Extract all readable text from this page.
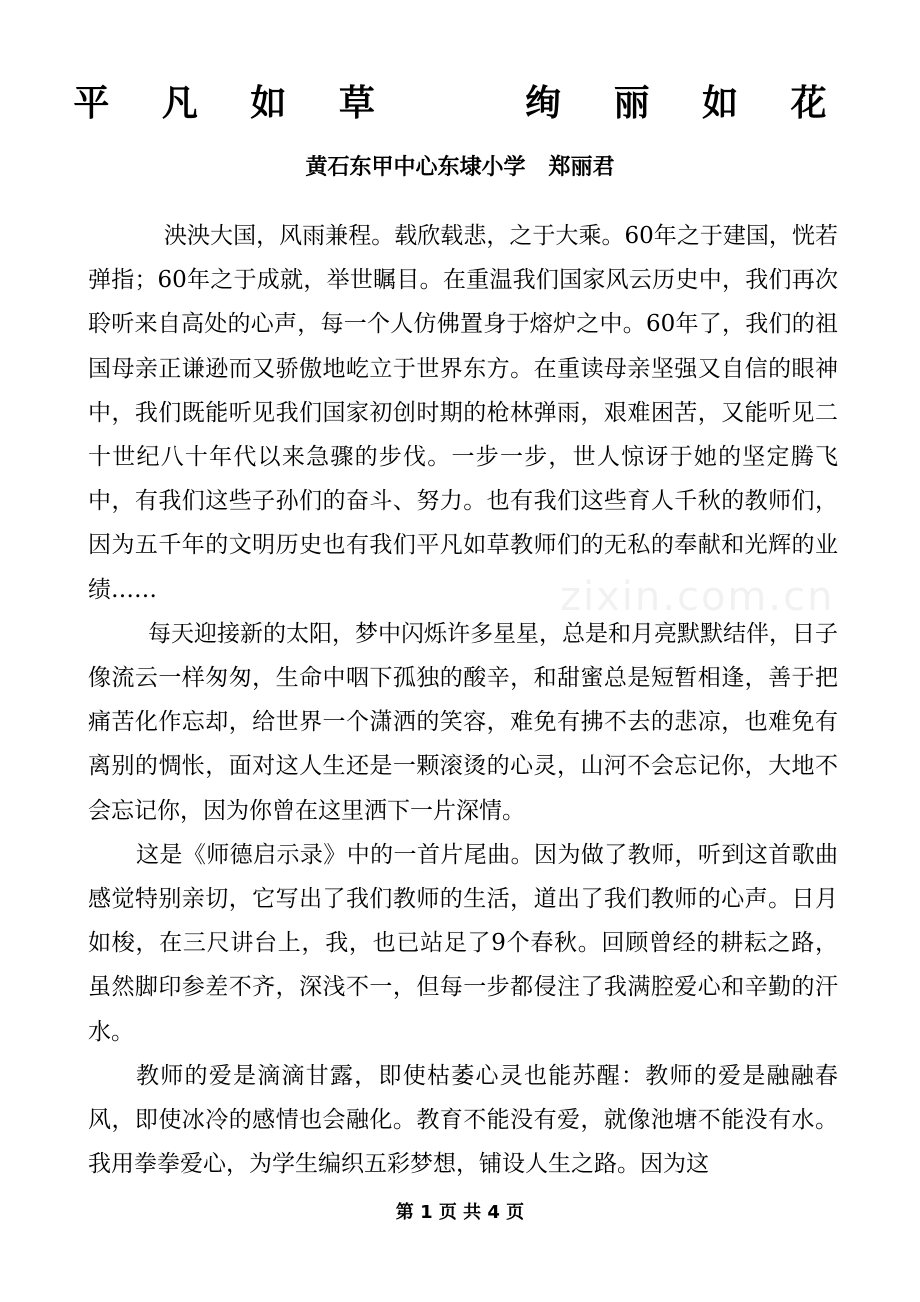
平 凡 如 草    绚 丽 如 花
黄石东甲中心东埭小学   郑丽君

泱泱大国，风雨兼程。载欣载悲，之于大乘。60年之于建国，恍若弹指；60年之于成就，举世瞩目。在重温我们国家风云历史中，我们再次聆听来自高处的心声，每一个人仿佛置身于熔炉之中。60年了，我们的祖国母亲正谦逊而又骄傲地屹立于世界东方。在重读母亲坚强又自信的眼神中，我们既能听见我们国家初创时期的枪林弹雨，艰难困苦，又能听见二十世纪八十年代以来急骤的步伐。一步一步，世人惊讶于她的坚定腾飞中，有我们这些子孙们的奋斗、努力。也有我们这些育人千秋的教师们，因为五千年的文明历史也有我们平凡如草教师们的无私的奉献和光辉的业绩……

每天迎接新的太阳，梦中闪烁许多星星，总是和月亮默默结伴，日子像流云一样匆匆，生命中咽下孤独的酸辛，和甜蜜总是短暂相逢，善于把痛苦化作忘却，给世界一个潇洒的笑容，难免有拂不去的悲凉，也难免有离别的惆怅，面对这人生还是一颗滚烫的心灵，山河不会忘记你，大地不会忘记你，因为你曾在这里洒下一片深情。

这是《师德启示录》中的一首片尾曲。因为做了教师，听到这首歌曲感觉特别亲切，它写出了我们教师的生活，道出了我们教师的心声。日月如梭，在三尺讲台上，我，也已站足了9个春秋。回顾曾经的耕耘之路，虽然脚印参差不齐，深浅不一，但每一步都侵注了我满腔爱心和辛勤的汗水。

教师的爱是滴滴甘露，即使枯萎心灵也能苏醒：教师的爱是融融春风，即使冰冷的感情也会融化。教育不能没有爱，就像池塘不能没有水。我用拳拳爱心，为学生编织五彩梦想，铺设人生之路。因为这

zixin.com.cn
第 1 页 共 4 页
